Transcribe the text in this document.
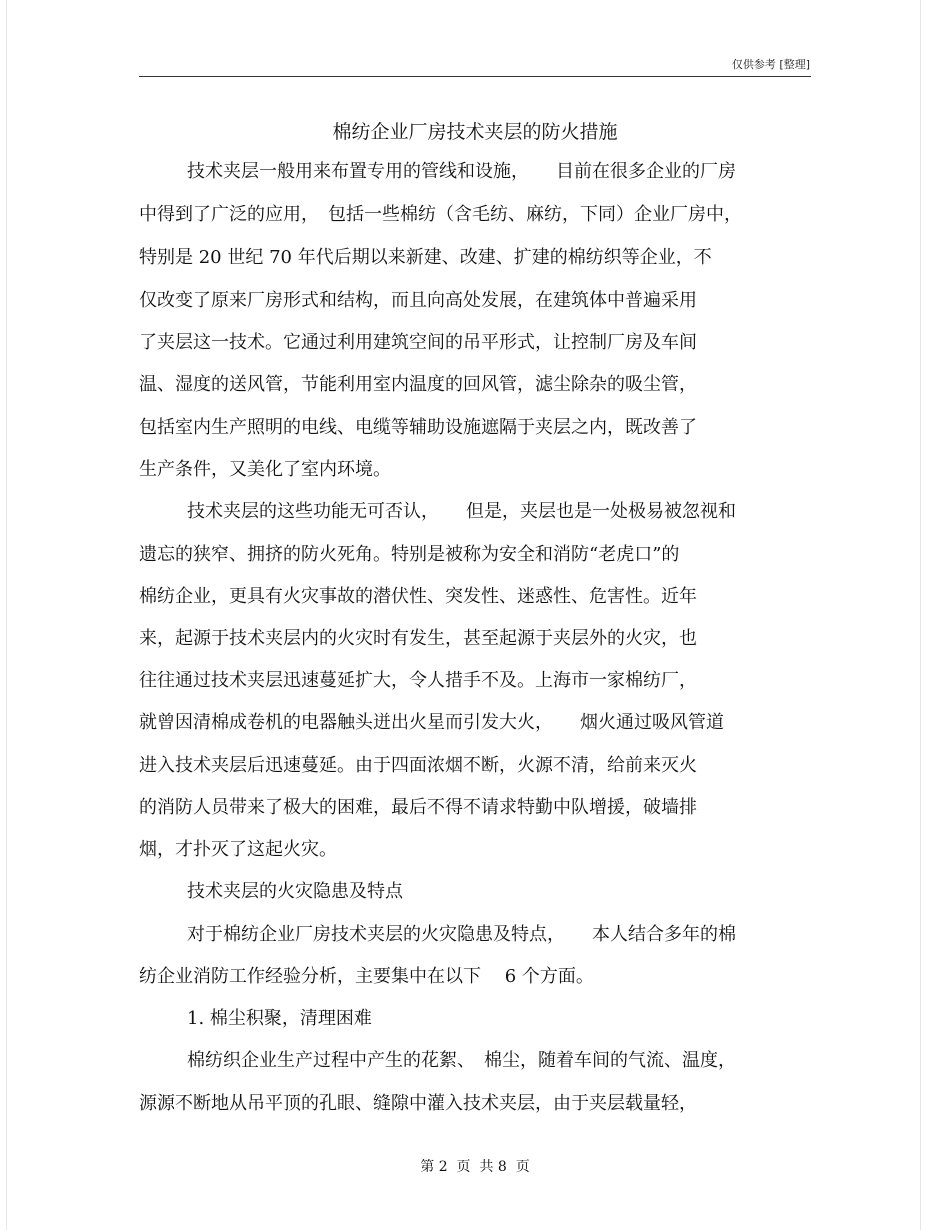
仅供参考 [整理]
棉纺企业厂房技术夹层的防火措施
技术夹层一般用来布置专用的管线和设施，　　目前在很多企业的厂房
中得到了广泛的应用，　包括一些棉纺（含毛纺、麻纺，下同）企业厂房中，
特别是 20 世纪 70 年代后期以来新建、改建、扩建的棉纺织等企业，不
仅改变了原来厂房形式和结构，而且向高处发展，在建筑体中普遍采用
了夹层这一技术。它通过利用建筑空间的吊平形式，让控制厂房及车间
温、湿度的送风管，节能利用室内温度的回风管，滤尘除杂的吸尘管，
包括室内生产照明的电线、电缆等辅助设施遮隔于夹层之内，既改善了
生产条件，又美化了室内环境。
技术夹层的这些功能无可否认，　　但是，夹层也是一处极易被忽视和
遗忘的狭窄、拥挤的防火死角。特别是被称为安全和消防“老虎口”的
棉纺企业，更具有火灾事故的潜伏性、突发性、迷惑性、危害性。近年
来，起源于技术夹层内的火灾时有发生，甚至起源于夹层外的火灾，也
往往通过技术夹层迅速蔓延扩大，令人措手不及。上海市一家棉纺厂，
就曾因清棉成卷机的电器触头迸出火星而引发大火，　　烟火通过吸风管道
进入技术夹层后迅速蔓延。由于四面浓烟不断，火源不清，给前来灭火
的消防人员带来了极大的困难，最后不得不请求特勤中队增援，破墙排
烟，才扑灭了这起火灾。
技术夹层的火灾隐患及特点
对于棉纺企业厂房技术夹层的火灾隐患及特点，　　本人结合多年的棉
纺企业消防工作经验分析，主要集中在以下　 6 个方面。
1. 棉尘积聚，清理困难
棉纺织企业生产过程中产生的花絮、　棉尘，随着车间的气流、温度，
源源不断地从吊平顶的孔眼、缝隙中灌入技术夹层，由于夹层载量轻，
第 2  页  共 8  页
